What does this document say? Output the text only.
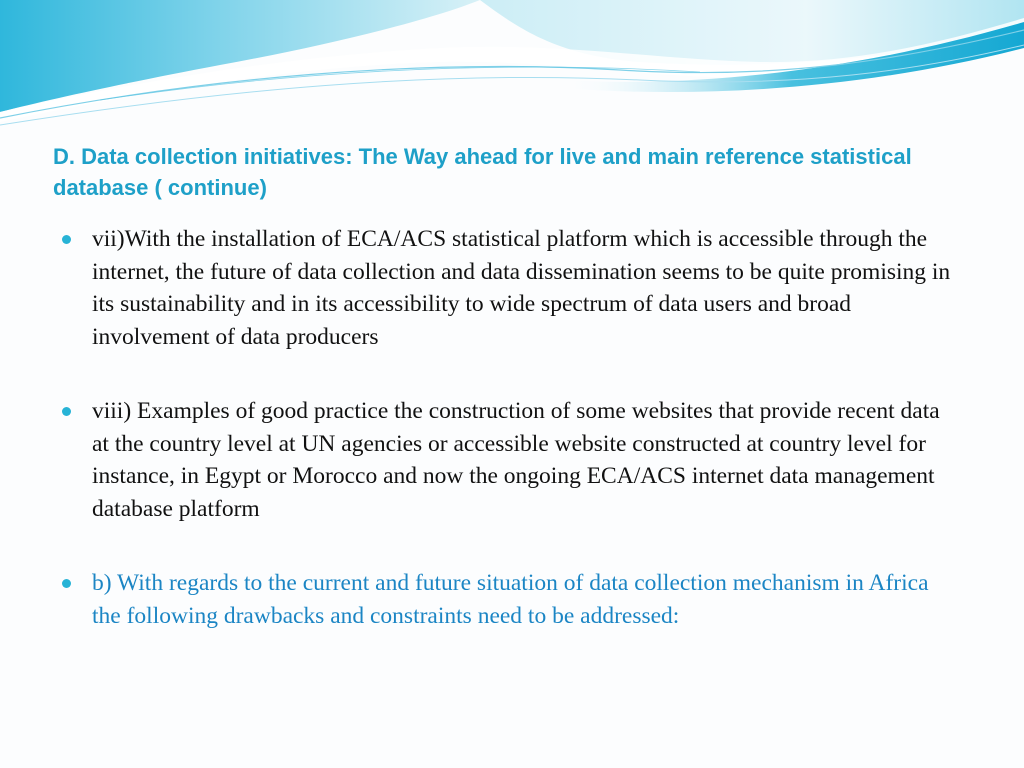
D. Data collection initiatives: The Way ahead for live and main reference statistical database ( continue)
vii)With the installation of ECA/ACS statistical platform which is accessible through the internet, the future of data collection and data dissemination seems to be quite promising in its sustainability and in its accessibility to wide spectrum of data users and broad involvement of data producers
viii) Examples of good practice the construction of some websites that provide recent data at the country level at UN agencies or accessible website constructed at country level for instance, in Egypt or Morocco and now the ongoing ECA/ACS internet data management database platform
b) With regards to the current and future situation of data collection mechanism in Africa the following drawbacks and constraints need to be addressed:
